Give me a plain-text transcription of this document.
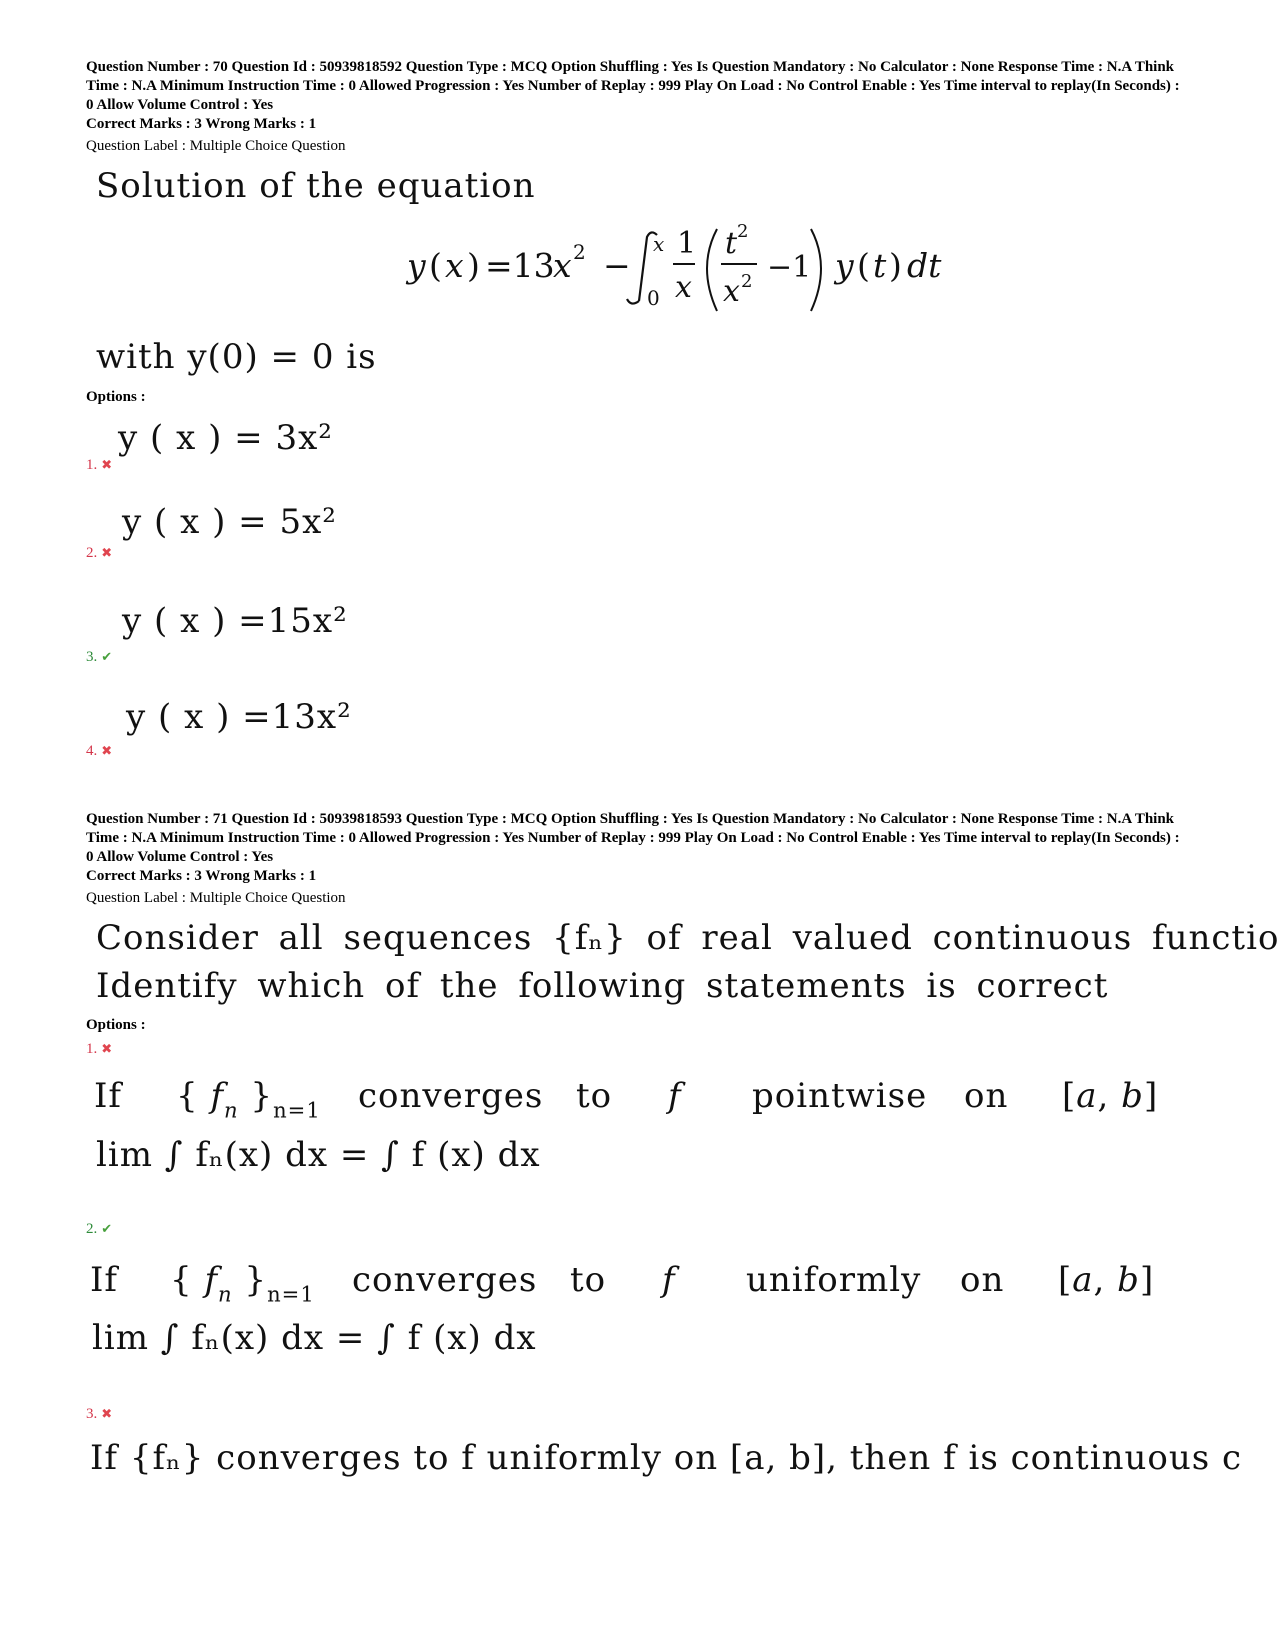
Question Number : 70 Question Id : 50939818592 Question Type : MCQ Option Shuffling : Yes Is Question Mandatory : No Calculator : None Response Time : N.A Think Time : N.A Minimum Instruction Time : 0 Allowed Progression : Yes Number of Replay : 999 Play On Load : No Control Enable : Yes Time interval to replay(In Seconds) : 0 Allow Volume Control : Yes
Correct Marks : 3 Wrong Marks : 1
Question Label : Multiple Choice Question
Solution of the equation
y ( x ) =13
x 2 −
x
0
1
x
t 2
x 2 −1 y ( t ) dt
with y(0) = 0 is
Options :
y ( x ) = 3x²
1. ✖
y ( x ) = 5x²
2. ✖
y ( x ) =15x²
3. ✔
y ( x ) =13x²
4. ✖
Question Number : 71 Question Id : 50939818593 Question Type : MCQ Option Shuffling : Yes Is Question Mandatory : No Calculator : None Response Time : N.A Think Time : N.A Minimum Instruction Time : 0 Allowed Progression : Yes Number of Replay : 999 Play On Load : No Control Enable : Yes Time interval to replay(In Seconds) : 0 Allow Volume Control : Yes
Correct Marks : 3 Wrong Marks : 1
Question Label : Multiple Choice Question
Consider all sequences {fₙ} of real valued continuous functio
Identify which of the following statements is correct
Options :
1. ✖
If { $f_n$ }$_{n=1}$ converges to f pointwise on [a, b]
lim ∫ fₙ(x) dx = ∫ f (x) dx
2. ✔
If { $f_n$ }$_{n=1}$ converges to f uniformly on [a, b]
lim ∫ fₙ(x) dx = ∫ f (x) dx
3. ✖
If {fₙ} converges to f uniformly on [a, b], then f is continuous c
